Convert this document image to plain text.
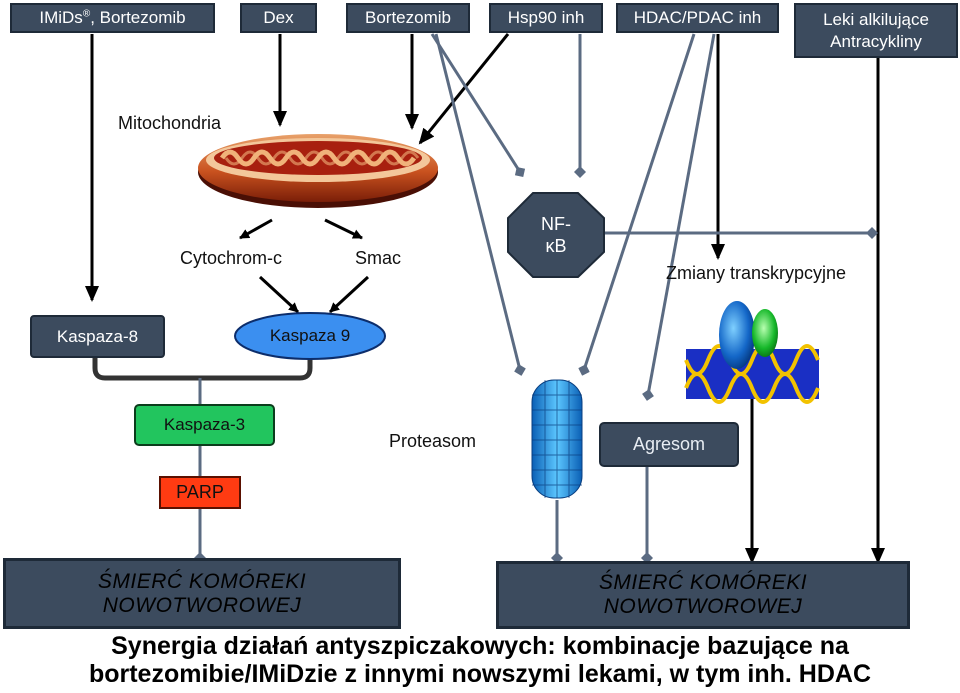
IMiDs®, Bortezomib	Dex	Bortezomib	Hsp90 inh	HDAC/PDAC inh	Leki alkilujące
Antracykliny
Mitochondria
Cytochrom-c	Smac
Zmiany transkrypcyjne
Proteasom
NF-
κB
Kaspaza-8	Kaspaza 9
Kaspaza-3
PARP
Agresom
ŚMIERĆ KOMÓREKI
NOWOTWOROWEJ
ŚMIERĆ KOMÓREKI
NOWOTWOROWEJ
Synergia działań antyszpiczakowych: kombinacje bazujące na
bortezomibie/IMiDzie z innymi nowszymi lekami, w tym inh. HDAC
